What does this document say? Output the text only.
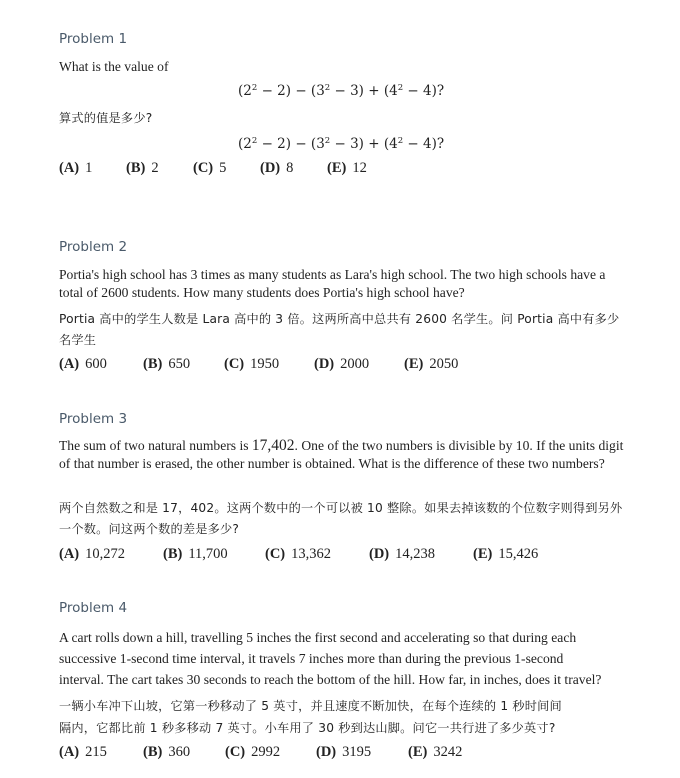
Problem 1
What is the value of
$(2^2 - 2) - (3^2 - 3) + (4^2 - 4)$?
算式的值是多少?
$(2^2 - 2) - (3^2 - 3) + (4^2 - 4)$?
(A) 1 (B) 2 (C) 5 (D) 8 (E) 12
Problem 2
Portia's high school has 3 times as many students as Lara's high school. The two high schools have a total of 2600 students. How many students does Portia's high school have?
Portia 高中的学生人数是 Lara 高中的 3 倍。这两所高中总共有 2600 名学生。问 Portia 高中有多少名学生
(A) 600 (B) 650 (C) 1950 (D) 2000 (E) 2050
Problem 3
The sum of two natural numbers is 17,402. One of the two numbers is divisible by 10. If the units digit of that number is erased, the other number is obtained. What is the difference of these two numbers?
两个自然数之和是 17，402。这两个数中的一个可以被 10 整除。如果去掉该数的个位数字则得到另外一个数。问这两个数的差是多少?
(A) 10,272	(B) 11,700	(C) 13,362	(D) 14,238	(E) 15,426
Problem 4
A cart rolls down a hill, travelling 5 inches the first second and accelerating so that during each
successive 1-second time interval, it travels 7 inches more than during the previous 1-second
interval. The cart takes 30 seconds to reach the bottom of the hill. How far, in inches, does it travel?
一辆小车冲下山坡，它第一秒移动了 5 英寸，并且速度不断加快，在每个连续的 1 秒时间间
隔内，它都比前 1 秒多移动 7 英寸。小车用了 30 秒到达山脚。问它一共行进了多少英寸?
(A) 215 (B) 360 (C) 2992 (D) 3195	(E) 3242
